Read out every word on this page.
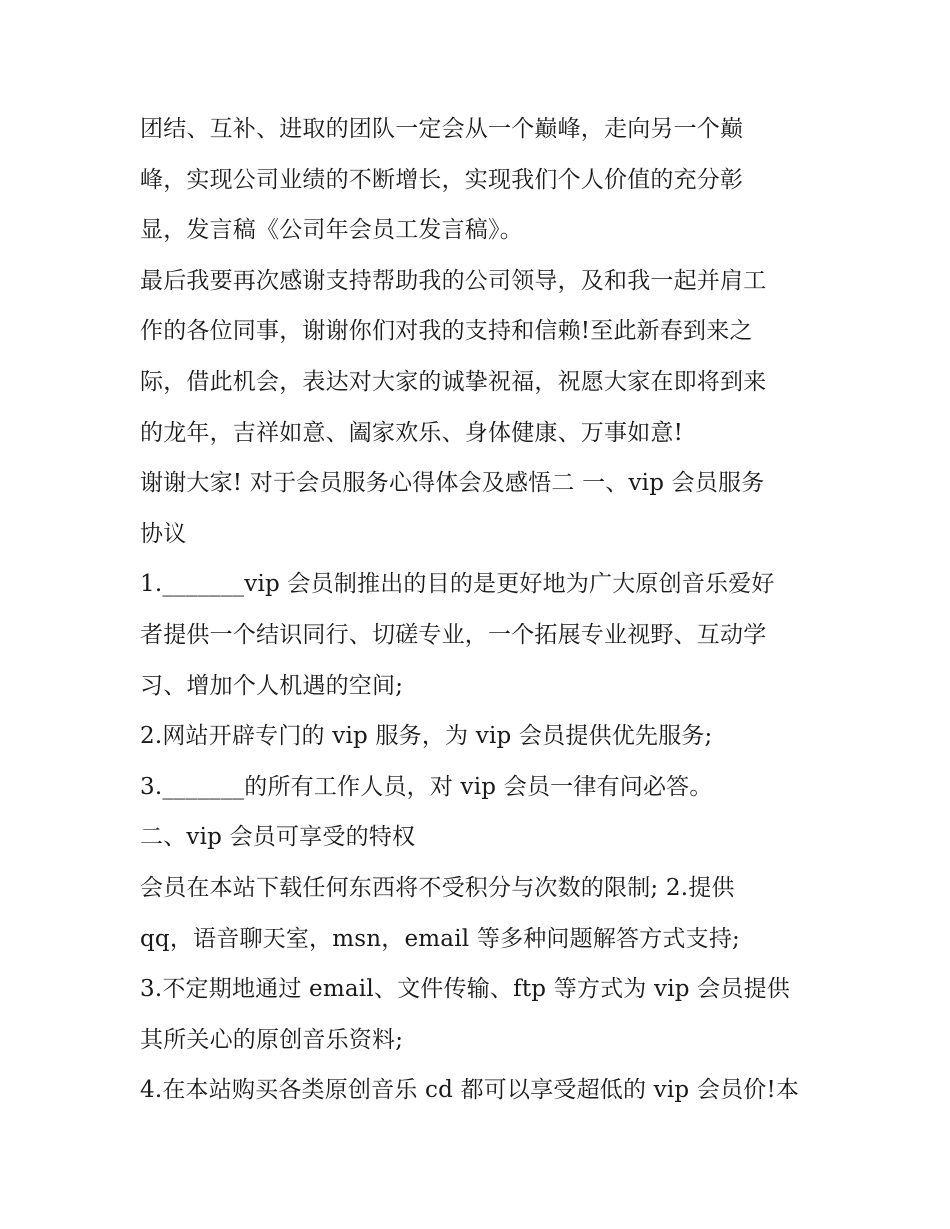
团结、互补、进取的团队一定会从一个巅峰，走向另一个巅
峰，实现公司业绩的不断增长，实现我们个人价值的充分彰
显，发言稿《公司年会员工发言稿》。
最后我要再次感谢支持帮助我的公司领导，及和我一起并肩工
作的各位同事，谢谢你们对我的支持和信赖!至此新春到来之
际，借此机会，表达对大家的诚挚祝福，祝愿大家在即将到来
的龙年，吉祥如意、阖家欢乐、身体健康、万事如意!
谢谢大家! 对于会员服务心得体会及感悟二 一、vip 会员服务
协议
1._______vip 会员制推出的目的是更好地为广大原创音乐爱好
者提供一个结识同行、切磋专业，一个拓展专业视野、互动学
习、增加个人机遇的空间;
2.网站开辟专门的 vip 服务，为 vip 会员提供优先服务;
3._______的所有工作人员，对 vip 会员一律有问必答。
二、vip 会员可享受的特权
会员在本站下载任何东西将不受积分与次数的限制; 2.提供
qq，语音聊天室，msn，email 等多种问题解答方式支持;
3.不定期地通过 email、文件传输、ftp 等方式为 vip 会员提供
其所关心的原创音乐资料;
4.在本站购买各类原创音乐 cd 都可以享受超低的 vip 会员价!本
